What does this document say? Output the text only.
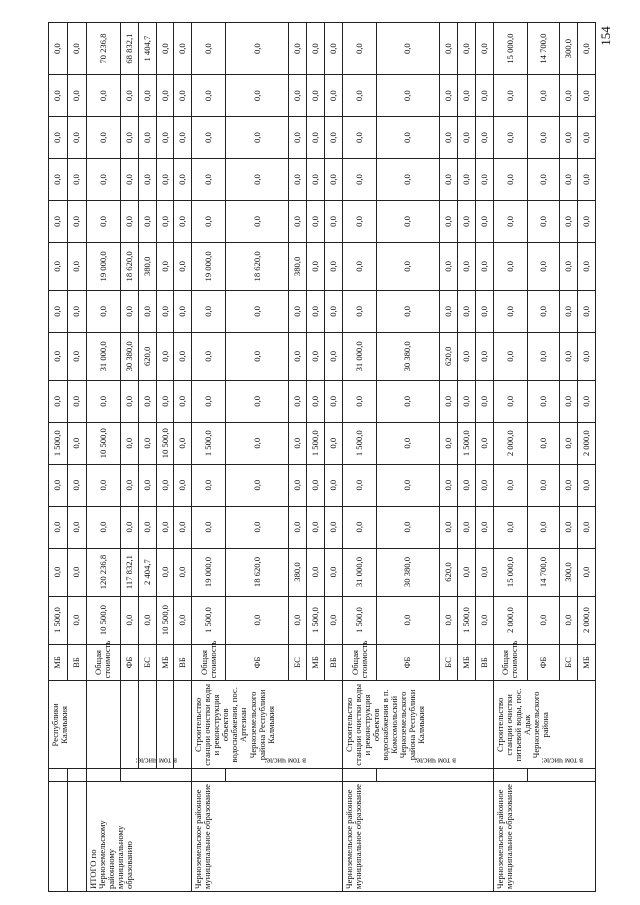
		Республики Калмыкия	МБ	1 500,0	0,0	0,0	0,0	1 500,0	0,0	0,0	0,0	0,0	0,0	0,0	0,0	0,0	0,0
			ВБ	0,0	0,0	0,0	0,0	0,0	0,0	0,0	0,0	0,0	0,0	0,0	0,0	0,0	0,0
ИТОГО по Черноземельскому районному муниципальному образованию			Общая стоимость	10 500,0	120 236,8	0,0	0,0	10 500,0	0,0	31 000,0	0,0	19 000,0	0,0	0,0	0,0	0,0	70 236,8
	в том числе:		ФБ	0,0	117 832,1	0,0	0,0	0,0	0,0	30 380,0	0,0	18 620,0	0,0	0,0	0,0	0,0	68 832,1
			БС	0,0	2 404,7	0,0	0,0	0,0	0,0	620,0	0,0	380,0	0,0	0,0	0,0	0,0	1 404,7
			МБ	10 500,0	0,0	0,0	0,0	10 500,0	0,0	0,0	0,0	0,0	0,0	0,0	0,0	0,0	0,0
			ВБ	0,0	0,0	0,0	0,0	0,0	0,0	0,0	0,0	0,0	0,0	0,0	0,0	0,0	0,0
Черноземельское районное муниципальное образование		Строительство станции очистки воды и реконструкция объектов водоснабжения, пос. Артезиан Черноземельского района Республики Калмыкия	Общая стоимость	1 500,0	19 000,0	0,0	0,0	1 500,0	0,0	0,0	0,0	19 000,0	0,0	0,0	0,0	0,0	0,0
	в том числе:		ФБ	0,0	18 620,0	0,0	0,0	0,0	0,0	0,0	0,0	18 620,0	0,0	0,0	0,0	0,0	0,0
			БС	0,0	380,0	0,0	0,0	0,0	0,0	0,0	0,0	380,0	0,0	0,0	0,0	0,0	0,0
			МБ	1 500,0	0,0	0,0	0,0	1 500,0	0,0	0,0	0,0	0,0	0,0	0,0	0,0	0,0	0,0
			ВБ	0,0	0,0	0,0	0,0	0,0	0,0	0,0	0,0	0,0	0,0	0,0	0,0	0,0	0,0
Черноземельское районное муниципальное образование		Строительство станции очистки воды и реконструкция объектов водоснабжения в п. Комсомольский Черноземельского района Республики Калмыкия	Общая стоимость	1 500,0	31 000,0	0,0	0,0	1 500,0	0,0	31 000,0	0,0	0,0	0,0	0,0	0,0	0,0	0,0
	в том числе:		ФБ	0,0	30 380,0	0,0	0,0	0,0	0,0	30 380,0	0,0	0,0	0,0	0,0	0,0	0,0	0,0
			БС	0,0	620,0	0,0	0,0	0,0	0,0	620,0	0,0	0,0	0,0	0,0	0,0	0,0	0,0
			МБ	1 500,0	0,0	0,0	0,0	1 500,0	0,0	0,0	0,0	0,0	0,0	0,0	0,0	0,0	0,0
			ВБ	0,0	0,0	0,0	0,0	0,0	0,0	0,0	0,0	0,0	0,0	0,0	0,0	0,0	0,0
Черноземельское районное муниципальное образование		Строительство станции очистки питьевой воды, пос. Адык Черноземельского района	Общая стоимость	2 000,0	15 000,0	0,0	0,0	2 000,0	0,0	0,0	0,0	0,0	0,0	0,0	0,0	0,0	15 000,0
	в том числе:		ФБ	0,0	14 700,0	0,0	0,0	0,0	0,0	0,0	0,0	0,0	0,0	0,0	0,0	0,0	14 700,0
			БС	0,0	300,0	0,0	0,0	0,0	0,0	0,0	0,0	0,0	0,0	0,0	0,0	0,0	300,0
			МБ	2 000,0	0,0	0,0	0,0	2 000,0	0,0	0,0	0,0	0,0	0,0	0,0	0,0	0,0	0,0
154
